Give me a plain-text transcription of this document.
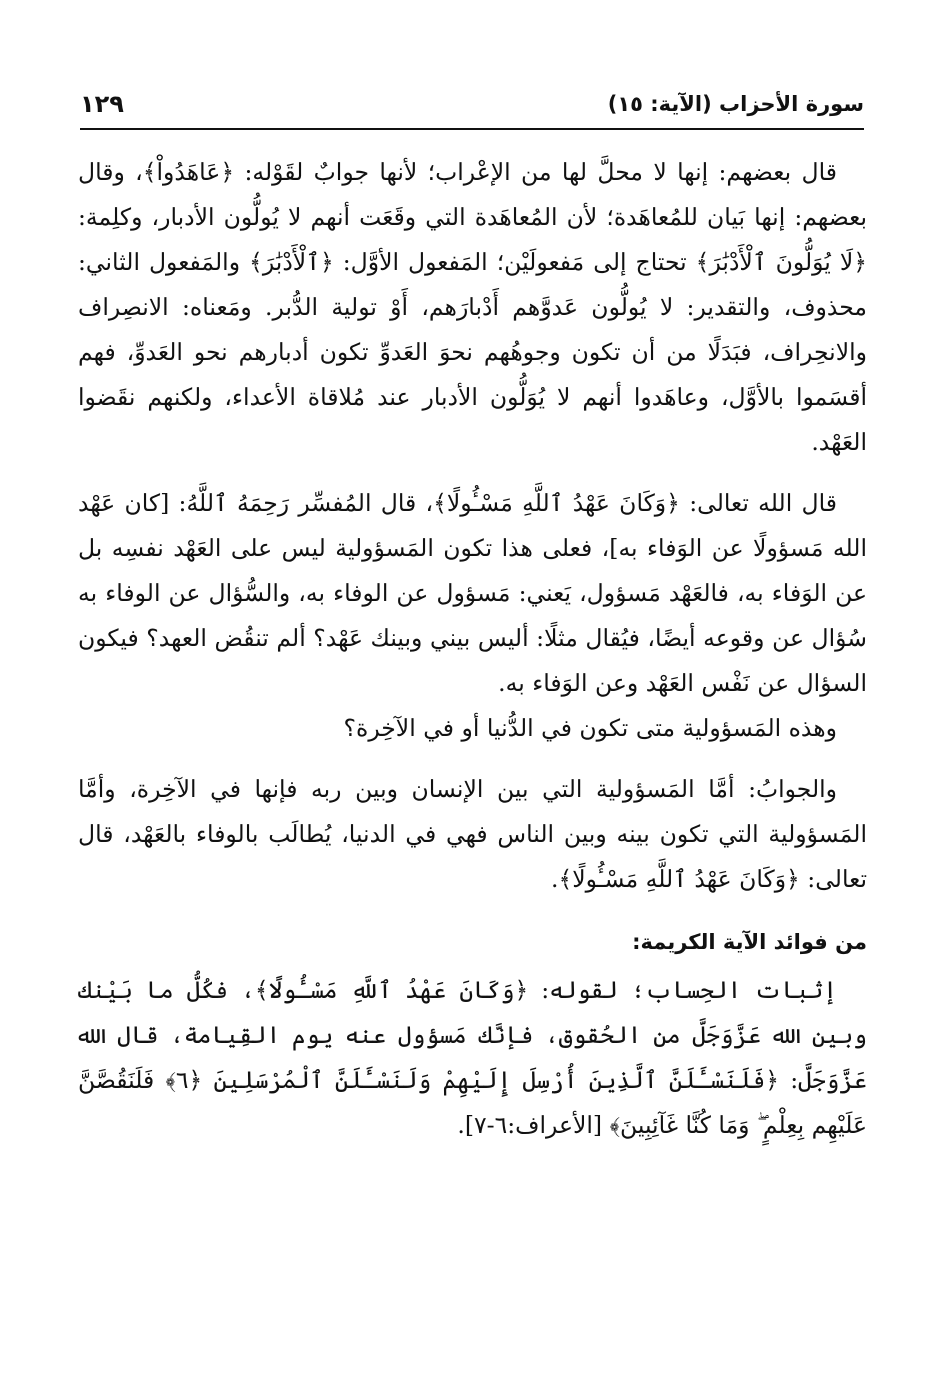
سورة الأحزاب (الآية: ١٥)
١٢٩

قال بعضهم: إنها لا محلَّ لها من الإعْراب؛ لأنها جوابٌ لقَوْله: ﴿عَاهَدُواْ﴾، وقال بعضهم: إنها بَيان للمُعاهَدة؛ لأن المُعاهَدة التي وقَعَت أنهم لا يُولُّون الأدبار، وكلِمة: ﴿لَا يُوَلُّونَ ٱلْأَدْبَٰرَ﴾ تحتاج إلى مَفعولَيْن؛ المَفعول الأوَّل: ﴿ٱلْأَدْبَٰرَ﴾ والمَفعول الثاني: محذوف، والتقدير: لا يُولُّون عَدوَّهم أَدْبارَهم، أَوْ تولية الدُّبر. ومَعناه: الانصِراف والانحِراف، فبَدَلًا من أن تكون وجوهُهم نحوَ العَدوِّ تكون أدبارهم نحو العَدوِّ، فهم أقسَموا بالأوَّل، وعاهَدوا أنهم لا يُوَلُّون الأدبار عند مُلاقاة الأعداء، ولكنهم نقَضوا العَهْد.

قال الله تعالى: ﴿وَكَانَ عَهْدُ ٱللَّهِ مَسْـُٔولًا﴾، قال المُفسِّر رَحِمَهُ ٱللَّهُ: [كان عَهْد الله مَسؤولًا عن الوَفاء به]، فعلى هذا تكون المَسؤولية ليس على العَهْد نفسِه بل عن الوَفاء به، فالعَهْد مَسؤول، يَعني: مَسؤول عن الوفاء به، والسُّؤال عن الوفاء به سُؤال عن وقوعه أيضًا، فيُقال مثلًا: أليس بيني وبينك عَهْد؟ ألم تنقُض العهد؟ فيكون السؤال عن نَفْس العَهْد وعن الوَفاء به.

وهذه المَسؤولية متى تكون في الدُّنيا أو في الآخِرة؟

والجوابُ: أمَّا المَسؤولية التي بين الإنسان وبين ربه فإنها في الآخِرة، وأمَّا المَسؤولية التي تكون بينه وبين الناس فهي في الدنيا، يُطالَب بالوفاء بالعَهْد، قال تعالى: ﴿وَكَانَ عَهْدُ ٱللَّهِ مَسْـُٔولًا﴾.

من فوائد الآية الكريمة:

إثبات الحِساب؛ لقوله: ﴿وَكَانَ عَهْدُ ٱللَّهِ مَسْـُٔولًا﴾، فكُلُّ ما بَيْنك وبين الله عَزَّوَجَلَّ من الحُقوق، فإنَّك مَسؤول عنه يوم القِيامة، قال الله عَزَّوَجَلَّ: ﴿فَلَنَسْـَٔلَنَّ ٱلَّذِينَ أُرْسِلَ إِلَيْهِمْ وَلَنَسْـَٔلَنَّ ٱلْمُرْسَلِينَ ﴿٦﴾ فَلَنَقُصَّنَّ عَلَيْهِم بِعِلْمٍ ۖ وَمَا كُنَّا غَآئِبِينَ﴾ [الأعراف:٦-٧].
